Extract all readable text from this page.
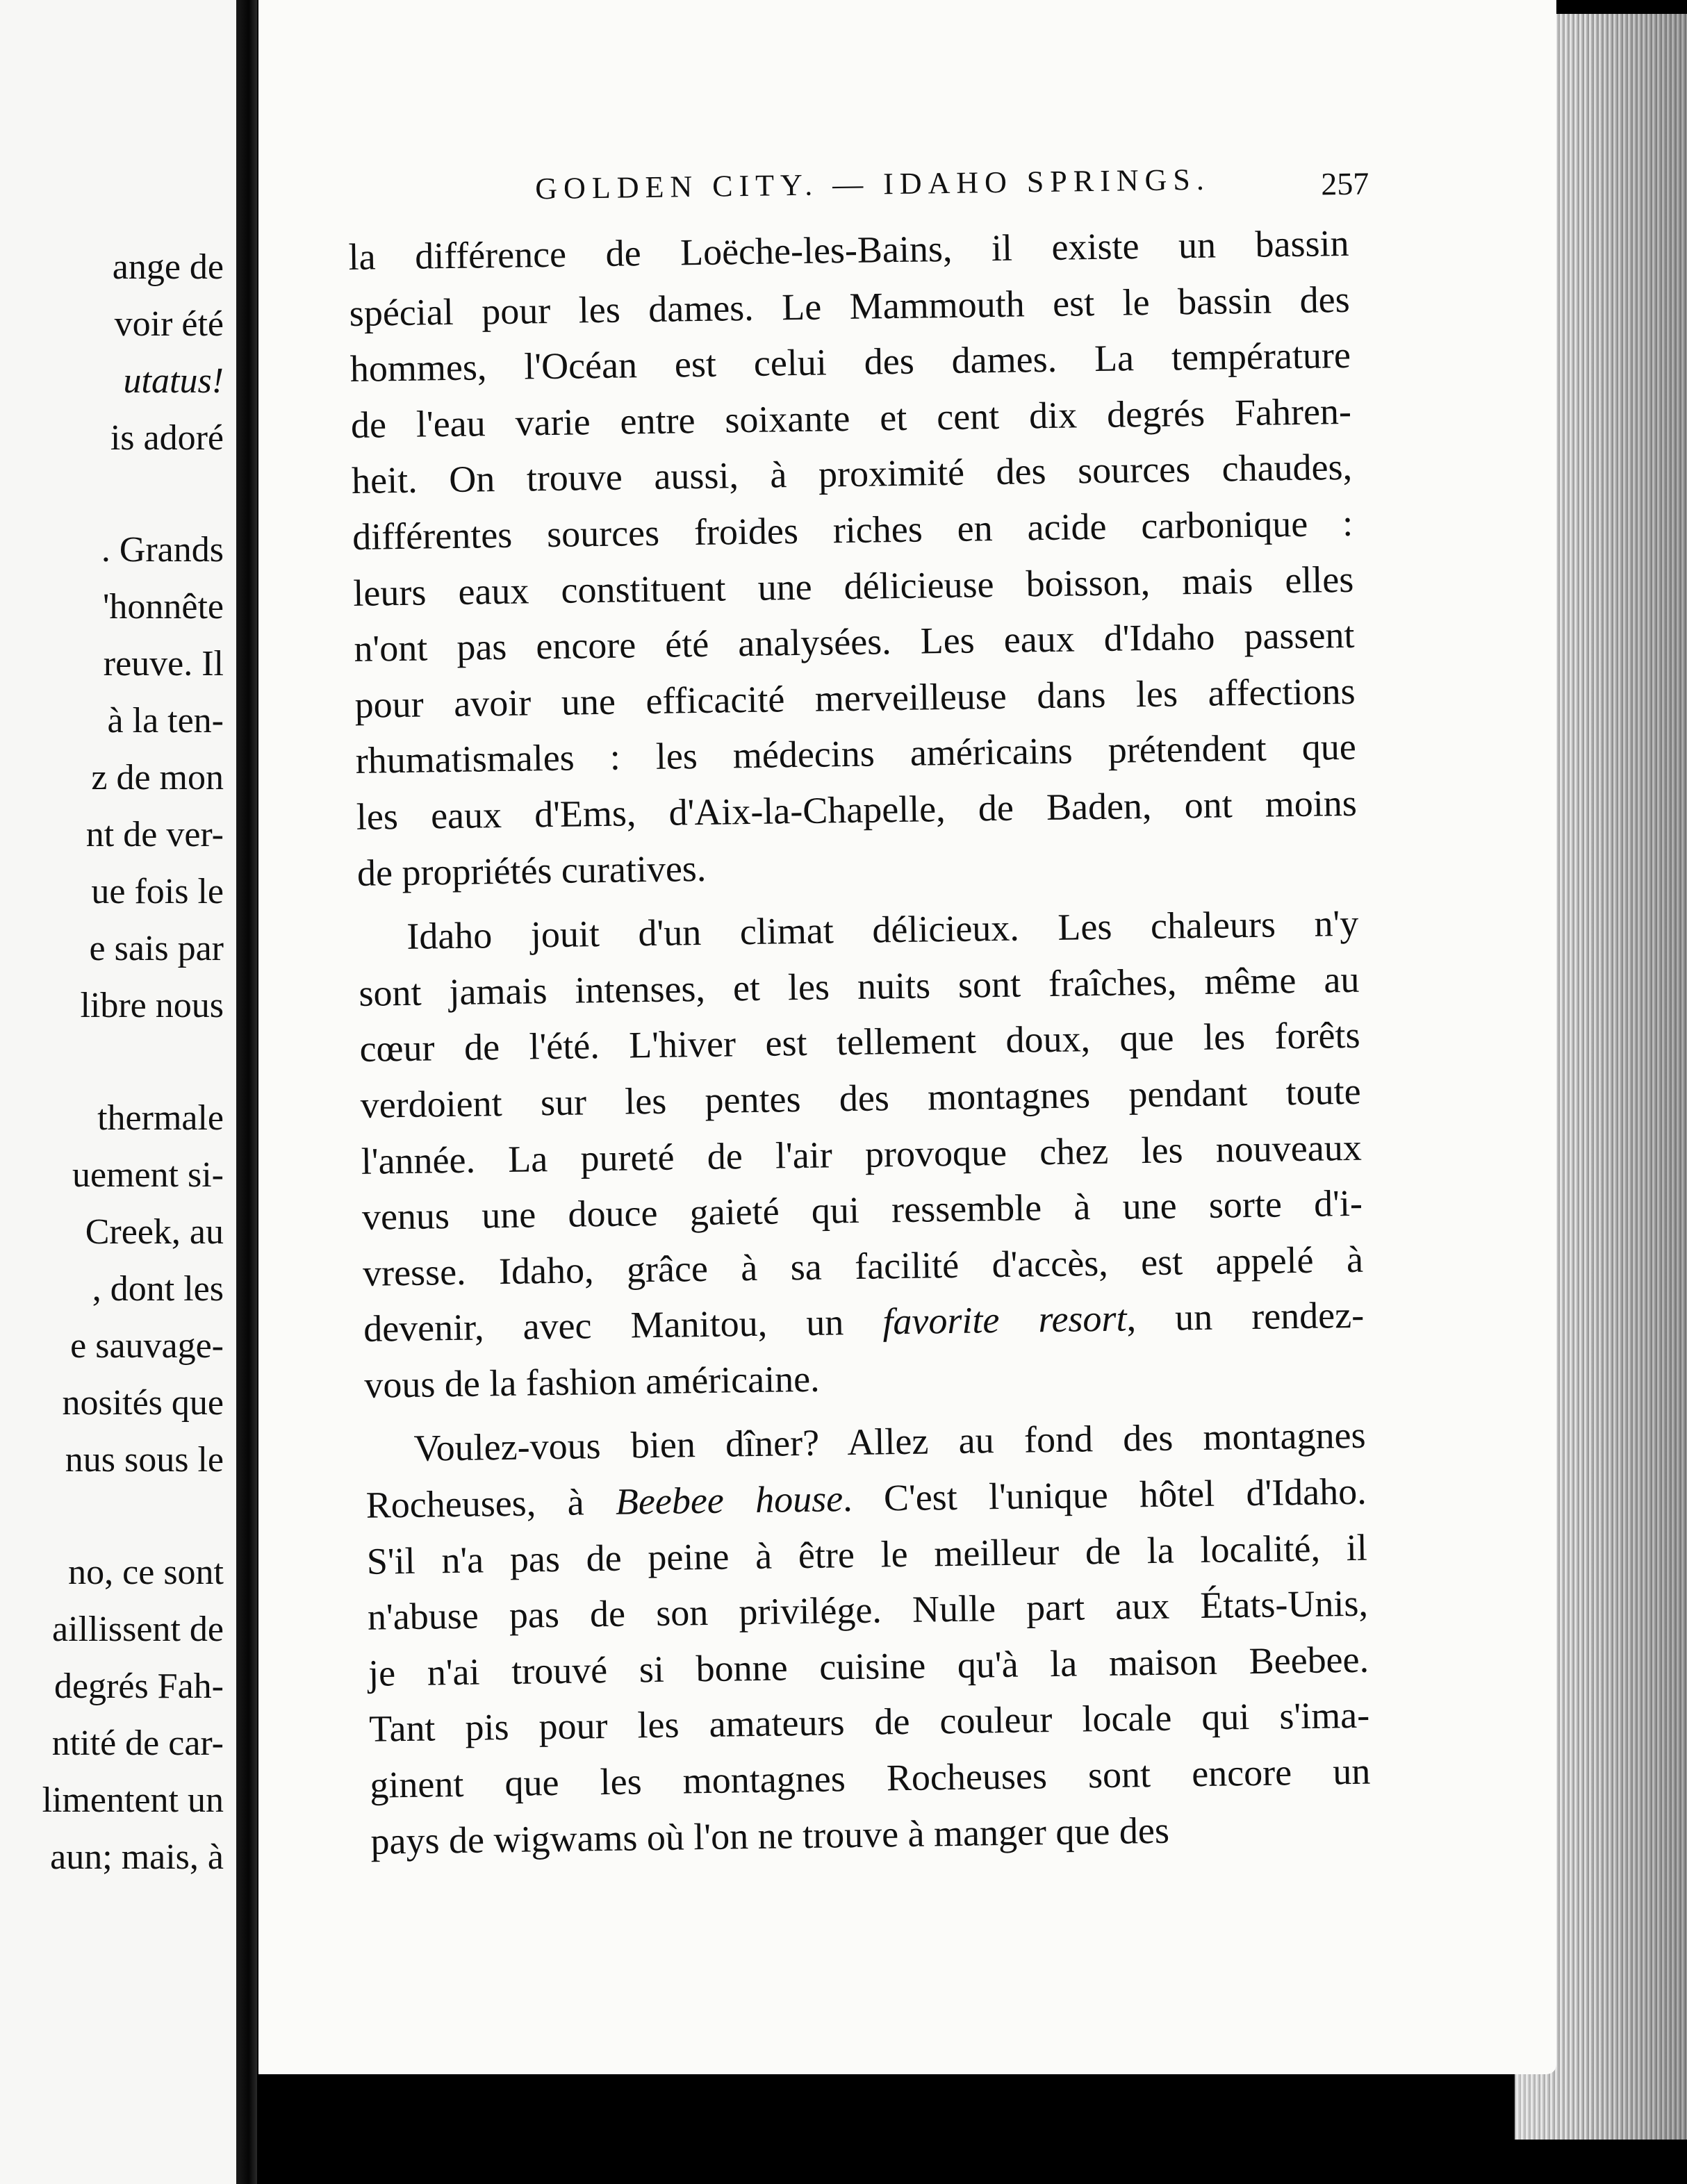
ange de
voir été
utatus!
is adoré
. Grands
'honnête
reuve. Il
à la ten-
z de mon
nt de ver-
ue fois le
e sais par
libre nous
thermale
uement si-
Creek, au
, dont les
e sauvage-
nosités que
nus sous le
no, ce sont
aillissent de
degrés Fah-
ntité de car-
limentent un
aun; mais, à
GOLDEN CITY. — IDAHO SPRINGS.	257
la différence de Loëche-les-Bains, il existe un bassin
spécial pour les dames. Le Mammouth est le bassin des
hommes, l'Océan est celui des dames. La température
de l'eau varie entre soixante et cent dix degrés Fahren-
heit. On trouve aussi, à proximité des sources chaudes,
différentes sources froides riches en acide carbonique :
leurs eaux constituent une délicieuse boisson, mais elles
n'ont pas encore été analysées. Les eaux d'Idaho passent
pour avoir une efficacité merveilleuse dans les affections
rhumatismales : les médecins américains prétendent que
les eaux d'Ems, d'Aix-la-Chapelle, de Baden, ont moins
de propriétés curatives.
Idaho jouit d'un climat délicieux. Les chaleurs n'y
sont jamais intenses, et les nuits sont fraîches, même au
cœur de l'été. L'hiver est tellement doux, que les forêts
verdoient sur les pentes des montagnes pendant toute
l'année. La pureté de l'air provoque chez les nouveaux
venus une douce gaieté qui ressemble à une sorte d'i-
vresse. Idaho, grâce à sa facilité d'accès, est appelé à
devenir, avec Manitou, un favorite resort, un rendez-
vous de la fashion américaine.
Voulez-vous bien dîner? Allez au fond des montagnes
Rocheuses, à Beebee house. C'est l'unique hôtel d'Idaho.
S'il n'a pas de peine à être le meilleur de la localité, il
n'abuse pas de son privilége. Nulle part aux États-Unis,
je n'ai trouvé si bonne cuisine qu'à la maison Beebee.
Tant pis pour les amateurs de couleur locale qui s'ima-
ginent que les montagnes Rocheuses sont encore un
pays de wigwams où l'on ne trouve à manger que des
